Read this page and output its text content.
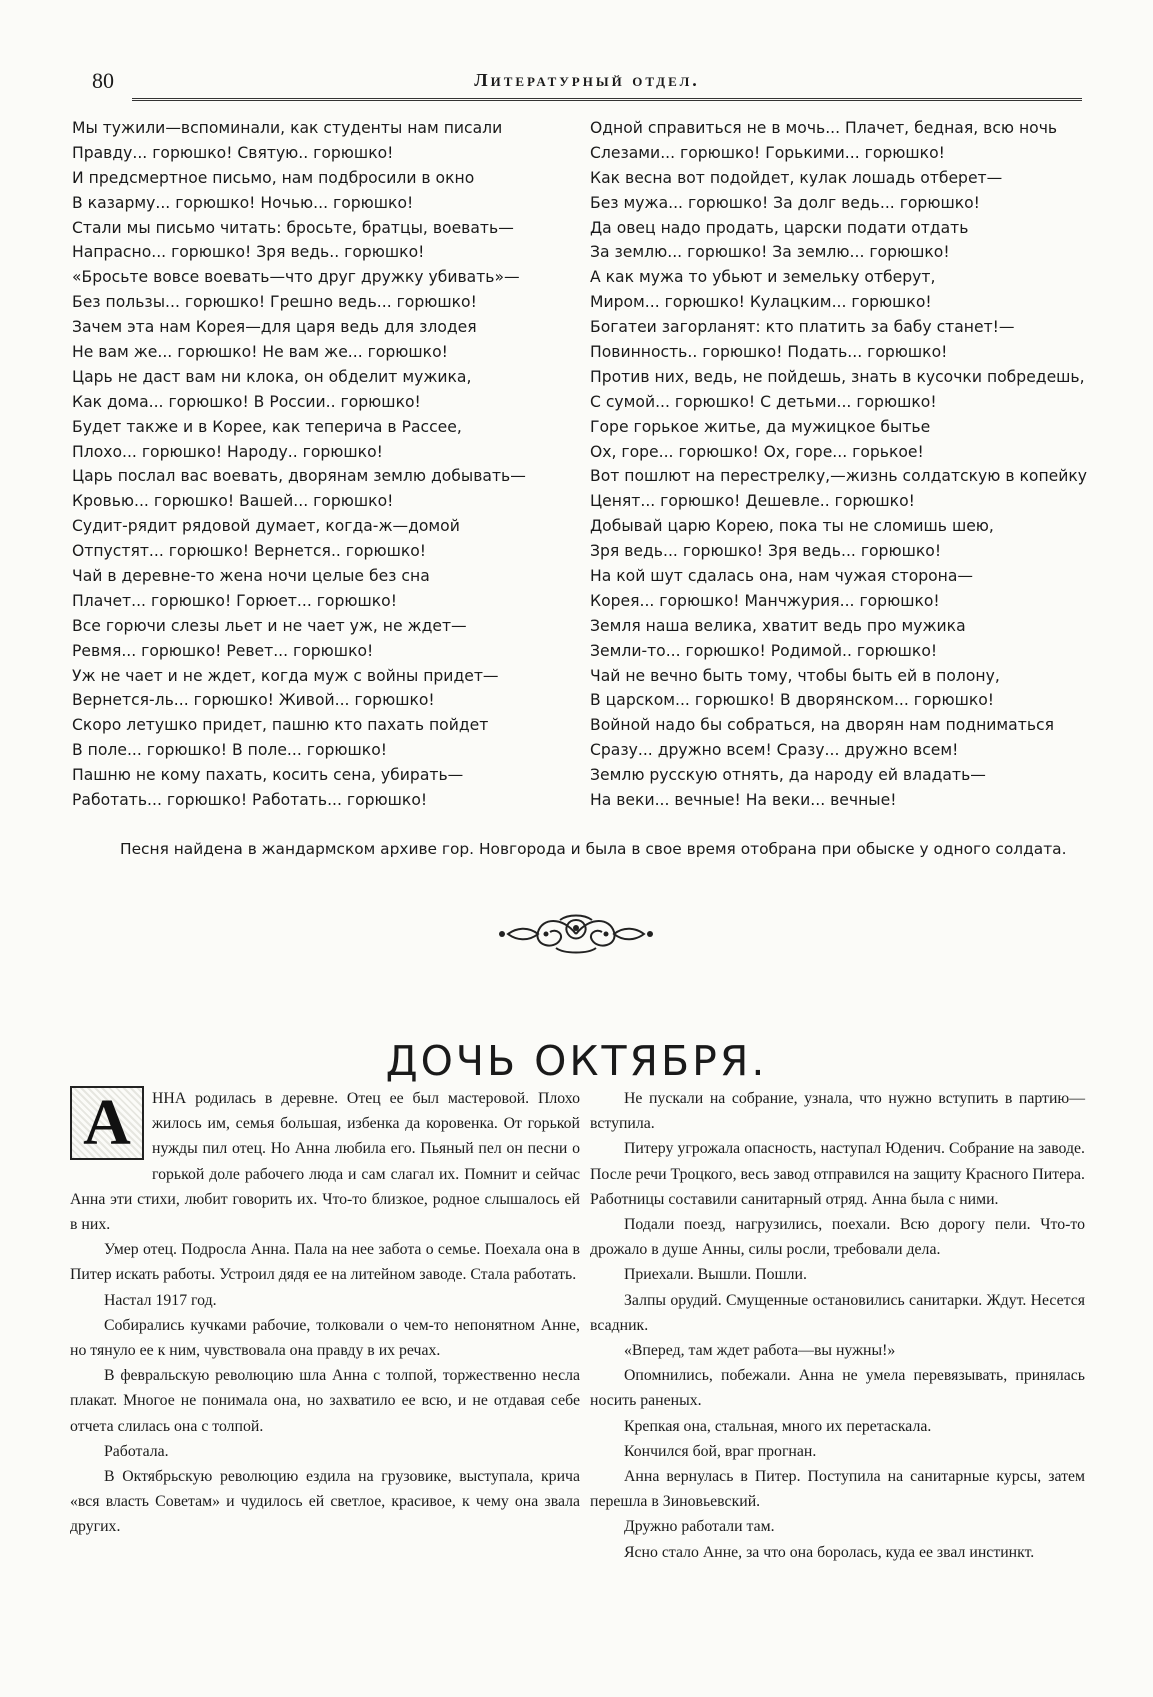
80	Литературный отдел.
Мы тужили—вспоминали, как студенты нам писали
Правду... горюшко! Святую.. горюшко!
И предсмертное письмо, нам подбросили в окно
В казарму... горюшко! Ночью... горюшко!
Стали мы письмо читать: бросьте, братцы, воевать—
Напрасно... горюшко! Зря ведь.. горюшко!
«Бросьте вовсе воевать—что друг дружку убивать»—
Без пользы... горюшко! Грешно ведь... горюшко!
Зачем эта нам Корея—для царя ведь для злодея
Не вам же... горюшко! Не вам же... горюшко!
Царь не даст вам ни клока, он обделит мужика,
Как дома... горюшко! В России.. горюшко!
Будет также и в Корее, как теперича в Рассее,
Плохо... горюшко! Народу.. горюшко!
Царь послал вас воевать, дворянам землю добывать—
Кровью... горюшко! Вашей... горюшко!
Судит-рядит рядовой думает, когда-ж—домой
Отпустят... горюшко! Вернется.. горюшко!
Чай в деревне-то жена ночи целые без сна
Плачет... горюшко! Горюет... горюшко!
Все горючи слезы льет и не чает уж, не ждет—
Ревмя... горюшко! Ревет... горюшко!
Уж не чает и не ждет, когда муж с войны придет—
Вернется-ль... горюшко! Живой... горюшко!
Скоро летушко придет, пашню кто пахать пойдет
В поле... горюшко! В поле... горюшко!
Пашню не кому пахать, косить сена, убирать—
Работать... горюшко! Работать... горюшко!
Одной справиться не в мочь... Плачет, бедная, всю ночь
Слезами... горюшко! Горькими... горюшко!
Как весна вот подойдет, кулак лошадь отберет—
Без мужа... горюшко! За долг ведь... горюшко!
Да овец надо продать, царски подати отдать
За землю... горюшко! За землю... горюшко!
А как мужа то убьют и земельку отберут,
Миром... горюшко! Кулацким... горюшко!
Богатеи загорланят: кто платить за бабу станет!—
Повинность.. горюшко! Подать... горюшко!
Против них, ведь, не пойдешь, знать в кусочки побредешь,
С сумой... горюшко! С детьми... горюшко!
Горе горькое житье, да мужицкое бытье
Ох, горе... горюшко! Ох, горе... горькое!
Вот пошлют на перестрелку,—жизнь солдатскую в копейку
Ценят... горюшко! Дешевле.. горюшко!
Добывай царю Корею, пока ты не сломишь шею,
Зря ведь... горюшко! Зря ведь... горюшко!
На кой шут сдалась она, нам чужая сторона—
Корея... горюшко! Манчжурия... горюшко!
Земля наша велика, хватит ведь про мужика
Земли-то... горюшко! Родимой.. горюшко!
Чай не вечно быть тому, чтобы быть ей в полону,
В царском... горюшко! В дворянском... горюшко!
Войной надо бы собраться, на дворян нам подниматься
Сразу... дружно всем! Сразу... дружно всем!
Землю русскую отнять, да народу ей владать—
На веки... вечные! На веки... вечные!

Песня найдена в жандармском архиве гор. Новгорода и была в свое время отобрана при обыске у одного солдата.

ДОЧЬ ОКТЯБРЯ.
А	ННА родилась в деревне. Отец ее был мастеровой. Плохо жилось им, семья большая, избенка да коровенка. От горькой нужды пил отец. Но Анна любила его. Пьяный пел он песни о горькой доле рабочего люда и сам слагал их. Помнит и сейчас Анна эти стихи, любит говорить их. Что-то близкое, родное слышалось ей в них.

Умер отец. Подросла Анна. Пала на нее забота о семье. Поехала она в Питер искать работы. Устроил дядя ее на литейном заводе. Стала работать.

Настал 1917 год.

Собирались кучками рабочие, толковали о чем-то непонятном Анне, но тянуло ее к ним, чувствовала она правду в их речах.

В февральскую революцию шла Анна с толпой, торжественно несла плакат. Многое не понимала она, но захватило ее всю, и не отдавая себе отчета слилась она с толпой.

Работала.

В Октябрьскую революцию ездила на грузовике, выступала, крича «вся власть Советам» и чудилось ей светлое, красивое, к чему она звала других.

Не пускали на собрание, узнала, что нужно вступить в партию—вступила.

Питеру угрожала опасность, наступал Юденич. Собрание на заводе. После речи Троцкого, весь завод отправился на защиту Красного Питера. Работницы составили санитарный отряд. Анна была с ними.

Подали поезд, нагрузились, поехали. Всю дорогу пели. Что-то дрожало в душе Анны, силы росли, требовали дела.

Приехали. Вышли. Пошли.

Залпы орудий. Смущенные остановились санитарки. Ждут. Несется всадник.

«Вперед, там ждет работа—вы нужны!»

Опомнились, побежали. Анна не умела перевязывать, принялась носить раненых.

Крепкая она, стальная, много их перетаскала.

Кончился бой, враг прогнан.

Анна вернулась в Питер. Поступила на санитарные курсы, затем перешла в Зиновьевский.

Дружно работали там.

Ясно стало Анне, за что она боролась, куда ее звал инстинкт.
